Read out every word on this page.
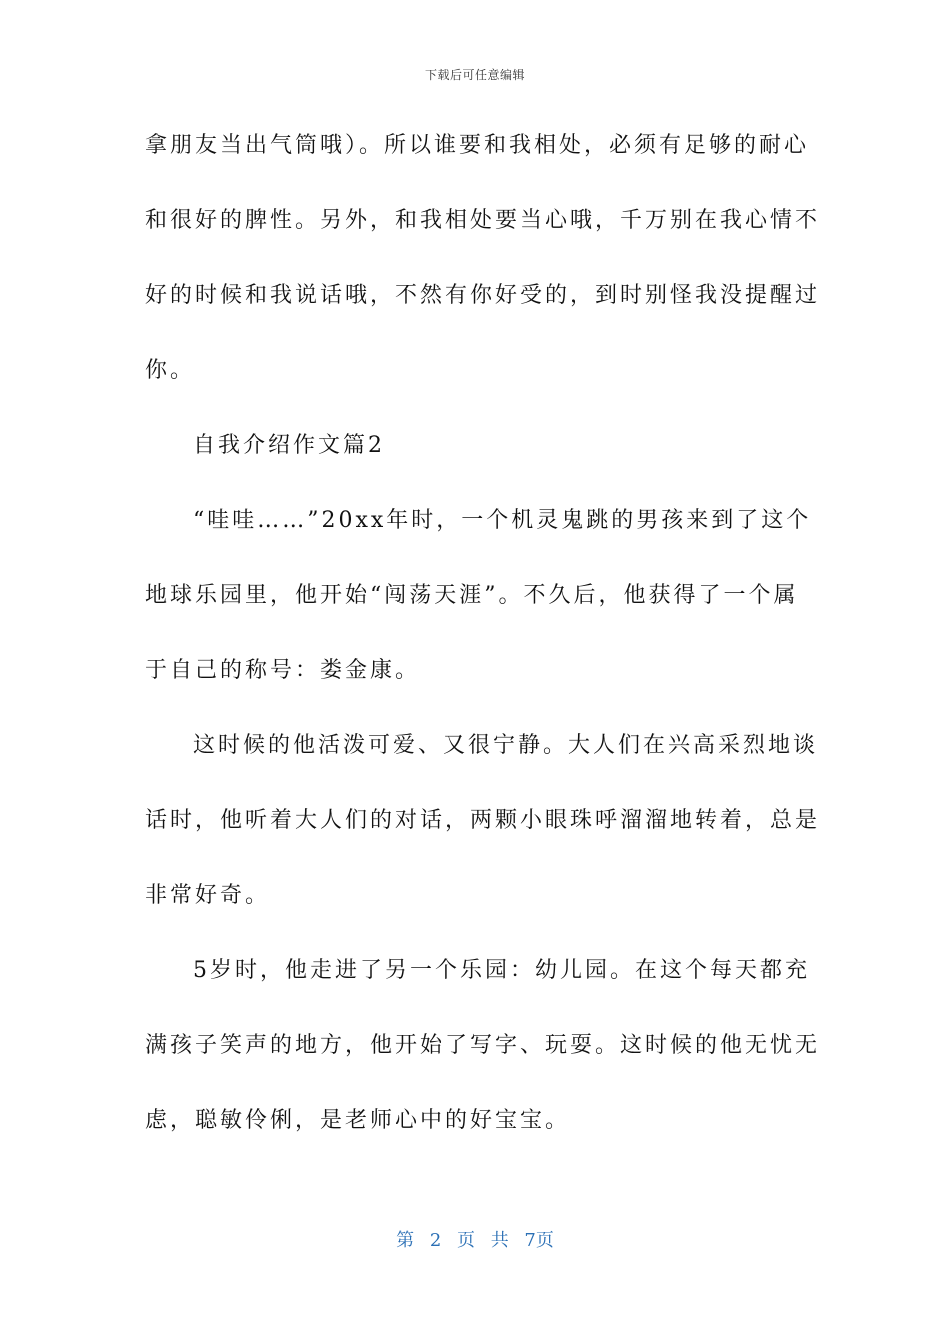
下载后可任意编辑
拿朋友当出气筒哦）。所以谁要和我相处，必须有足够的耐心
和很好的脾性。另外，和我相处要当心哦，千万别在我心情不
好的时候和我说话哦，不然有你好受的，到时别怪我没提醒过
你。
自我介绍作文篇2
“哇哇……”20xx年时，一个机灵鬼跳的男孩来到了这个
地球乐园里，他开始“闯荡天涯”。不久后，他获得了一个属
于自己的称号：娄金康。
这时候的他活泼可爱、又很宁静。大人们在兴高采烈地谈
话时，他听着大人们的对话，两颗小眼珠呼溜溜地转着，总是
非常好奇。
5岁时，他走进了另一个乐园：幼儿园。在这个每天都充
满孩子笑声的地方，他开始了写字、玩耍。这时候的他无忧无
虑，聪敏伶俐，是老师心中的好宝宝。
第 2 页 共 7页
